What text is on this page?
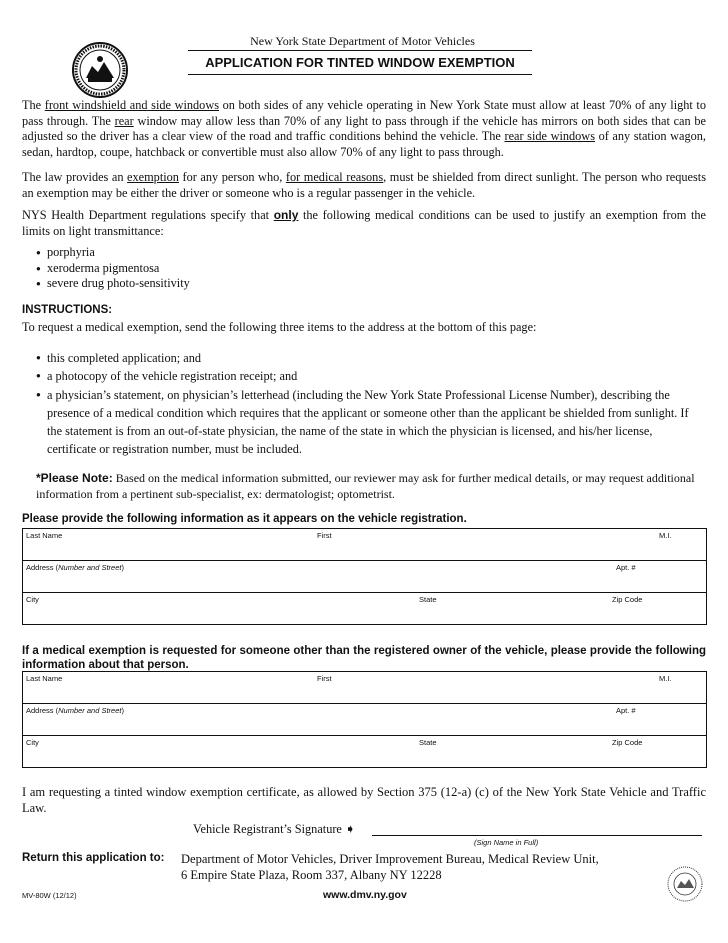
New York State Department of Motor Vehicles
APPLICATION FOR TINTED WINDOW EXEMPTION
The front windshield and side windows on both sides of any vehicle operating in New York State must allow at least 70% of any light to pass through. The rear window may allow less than 70% of any light to pass through if the vehicle has mirrors on both sides that can be adjusted so the driver has a clear view of the road and traffic conditions behind the vehicle. The rear side windows of any station wagon, sedan, hardtop, coupe, hatchback or convertible must also allow 70% of any light to pass through.
The law provides an exemption for any person who, for medical reasons, must be shielded from direct sunlight. The person who requests an exemption may be either the driver or someone who is a regular passenger in the vehicle.
NYS Health Department regulations specify that only the following medical conditions can be used to justify an exemption from the limits on light transmittance:
● porphyria
● xeroderma pigmentosa
● severe drug photo-sensitivity
INSTRUCTIONS:
To request a medical exemption, send the following three items to the address at the bottom of this page:
● this completed application; and
● a photocopy of the vehicle registration receipt; and
● a physician’s statement, on physician’s letterhead (including the New York State Professional License Number), describing the presence of a medical condition which requires that the applicant or someone other than the applicant be shielded from sunlight. If the statement is from an out-of-state physician, the name of the state in which the physician is licensed, and his/her license, certificate or registration number, must be included.
*Please Note: Based on the medical information submitted, our reviewer may ask for further medical details, or may request additional information from a pertinent sub-specialist, ex: dermatologist; optometrist.
Please provide the following information as it appears on the vehicle registration.
Last Name	First	M.I.
Address (Number and Street)	Apt. #
City	State	Zip Code
If a medical exemption is requested for someone other than the registered owner of the vehicle, please provide the following information about that person.
Last Name	First	M.I.
Address (Number and Street)	Apt. #
City	State	Zip Code
I am requesting a tinted window exemption certificate, as allowed by Section 375 (12-a) (c) of the New York State Vehicle and Traffic Law.
Vehicle Registrant’s Signature ➧
(Sign Name in Full)
Return this application to: Department of Motor Vehicles, Driver Improvement Bureau, Medical Review Unit,
6 Empire State Plaza, Room 337, Albany NY 12228
MV-80W (12/12)	www.dmv.ny.gov
